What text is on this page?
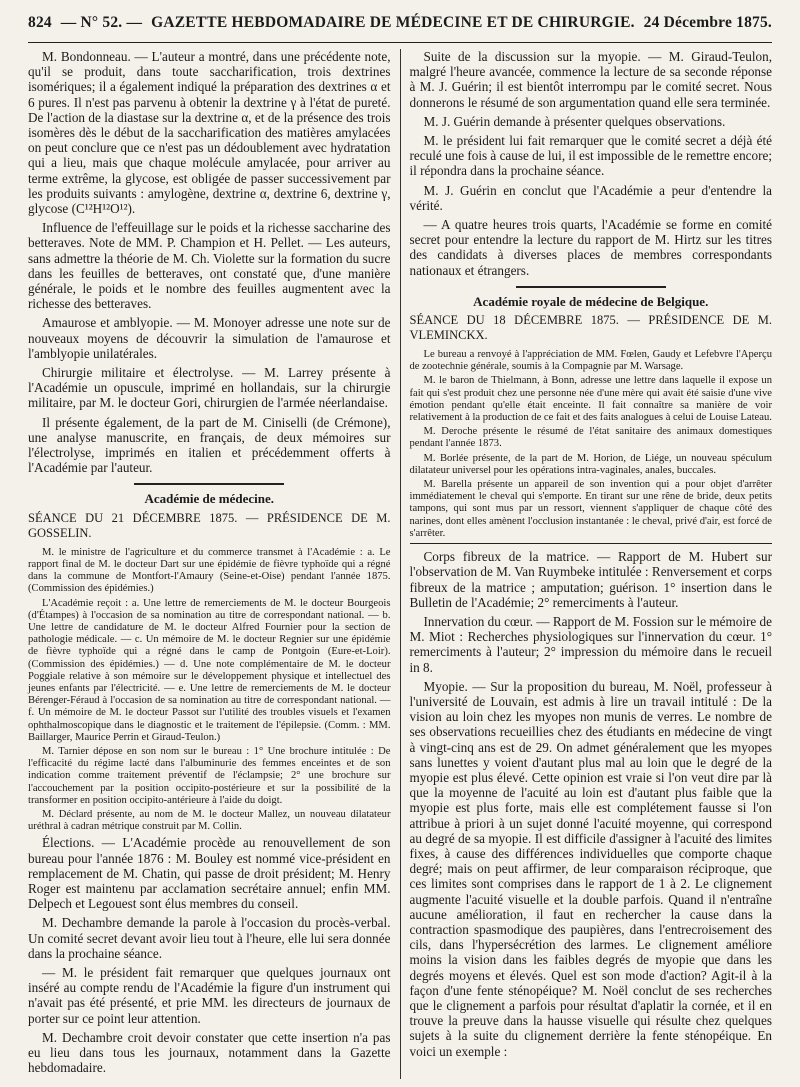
824 — N° 52. — GAZETTE HEBDOMADAIRE DE MÉDECINE ET DE CHIRURGIE. 24 Décembre 1875.

M. Bondonneau. — L'auteur a montré, dans une précédente note, qu'il se produit, dans toute saccharification, trois dextrines isomériques; il a également indiqué la préparation des dextrines α et 6 pures. Il n'est pas parvenu à obtenir la dextrine γ à l'état de pureté. De l'action de la diastase sur la dextrine α, et de la présence des trois isomères dès le début de la saccharification des matières amylacées on peut conclure que ce n'est pas un dédoublement avec hydratation qui a lieu, mais que chaque molécule amylacée, pour arriver au terme extrême, la glycose, est obligée de passer successivement par les produits suivants : amylogène, dextrine α, dextrine 6, dextrine γ, glycose (C¹²H¹²O¹²).

Influence de l'effeuillage sur le poids et la richesse saccharine des betteraves. Note de MM. P. Champion et H. Pellet. — Les auteurs, sans admettre la théorie de M. Ch. Violette sur la formation du sucre dans les feuilles de betteraves, ont constaté que, d'une manière générale, le poids et le nombre des feuilles augmentent avec la richesse des betteraves.

Amaurose et amblyopie. — M. Monoyer adresse une note sur de nouveaux moyens de découvrir la simulation de l'amaurose et l'amblyopie unilatérales.

Chirurgie militaire et électrolyse. — M. Larrey présente à l'Académie un opuscule, imprimé en hollandais, sur la chirurgie militaire, par M. le docteur Gori, chirurgien de l'armée néerlandaise.

Il présente également, de la part de M. Ciniselli (de Crémone), une analyse manuscrite, en français, de deux mémoires sur l'électrolyse, imprimés en italien et précédemment offerts à l'Académie par l'auteur.

Académie de médecine.

SÉANCE DU 21 DÉCEMBRE 1875. — PRÉSIDENCE DE M. GOSSELIN.

M. le ministre de l'agriculture et du commerce transmet à l'Académie : a. Le rapport final de M. le docteur Dart sur une épidémie de fièvre typhoïde qui a régné dans la commune de Montfort-l'Amaury (Seine-et-Oise) pendant l'année 1875. (Commission des épidémies.)

L'Académie reçoit : a. Une lettre de remerciements de M. le docteur Bourgeois (d'Étampes) à l'occasion de sa nomination au titre de correspondant national. — b. Une lettre de candidature de M. le docteur Alfred Fournier pour la section de pathologie médicale. — c. Un mémoire de M. le docteur Regnier sur une épidémie de fièvre typhoïde qui a régné dans le camp de Pontgoin (Eure-et-Loir). (Commission des épidémies.) — d. Une note complémentaire de M. le docteur Poggiale relative à son mémoire sur le développement physique et intellectuel des jeunes enfants par l'électricité. — e. Une lettre de remerciements de M. le docteur Bérenger-Féraud à l'occasion de sa nomination au titre de correspondant national. — f. Un mémoire de M. le docteur Passot sur l'utilité des troubles visuels et l'examen ophthalmoscopique dans le diagnostic et le traitement de l'épilepsie. (Comm. : MM. Baillarger, Maurice Perrin et Giraud-Teulon.)

M. Tarnier dépose en son nom sur le bureau : 1° Une brochure intitulée : De l'efficacité du régime lacté dans l'albuminurie des femmes enceintes et de son indication comme traitement préventif de l'éclampsie; 2° une brochure sur l'accouchement par la position occipito-postérieure et sur la possibilité de la transformer en position occipito-antérieure à l'aide du doigt.

M. Déclard présente, au nom de M. le docteur Mallez, un nouveau dilatateur uréthral à cadran métrique construit par M. Collin.

Élections. — L'Académie procède au renouvellement de son bureau pour l'année 1876 : M. Bouley est nommé vice-président en remplacement de M. Chatin, qui passe de droit président; M. Henry Roger est maintenu par acclamation secrétaire annuel; enfin MM. Delpech et Legouest sont élus membres du conseil.

M. Dechambre demande la parole à l'occasion du procès-verbal. Un comité secret devant avoir lieu tout à l'heure, elle lui sera donnée dans la prochaine séance.

— M. le président fait remarquer que quelques journaux ont inséré au compte rendu de l'Académie la figure d'un instrument qui n'avait pas été présenté, et prie MM. les directeurs de journaux de porter sur ce point leur attention.

M. Dechambre croit devoir constater que cette insertion n'a pas eu lieu dans tous les journaux, notamment dans la Gazette hebdomadaire.

Suite de la discussion sur la myopie. — M. Giraud-Teulon, malgré l'heure avancée, commence la lecture de sa seconde réponse à M. J. Guérin; il est bientôt interrompu par le comité secret. Nous donnerons le résumé de son argumentation quand elle sera terminée.

M. J. Guérin demande à présenter quelques observations.

M. le président lui fait remarquer que le comité secret a déjà été reculé une fois à cause de lui, il est impossible de le remettre encore; il répondra dans la prochaine séance.

M. J. Guérin en conclut que l'Académie a peur d'entendre la vérité.

— A quatre heures trois quarts, l'Académie se forme en comité secret pour entendre la lecture du rapport de M. Hirtz sur les titres des candidats à diverses places de membres correspondants nationaux et étrangers.

Académie royale de médecine de Belgique.

SÉANCE DU 18 DÉCEMBRE 1875. — PRÉSIDENCE DE M. VLEMINCKX.

Le bureau a renvoyé à l'appréciation de MM. Fœlen, Gaudy et Lefebvre l'Aperçu de zootechnie générale, soumis à la Compagnie par M. Warsage.

M. le baron de Thielmann, à Bonn, adresse une lettre dans laquelle il expose un fait qui s'est produit chez une personne née d'une mère qui avait été saisie d'une vive émotion pendant qu'elle était enceinte. Il fait connaître sa manière de voir relativement à la production de ce fait et des faits analogues à celui de Louise Lateau.

M. Deroche présente le résumé de l'état sanitaire des animaux domestiques pendant l'année 1873.

M. Borlée présente, de la part de M. Horion, de Liége, un nouveau spéculum dilatateur universel pour les opérations intra-vaginales, anales, buccales.

M. Barella présente un appareil de son invention qui a pour objet d'arrêter immédiatement le cheval qui s'emporte. En tirant sur une rêne de bride, deux petits tampons, qui sont mus par un ressort, viennent s'appliquer de chaque côté des narines, dont elles amènent l'occlusion instantanée : le cheval, privé d'air, est forcé de s'arrêter.

Corps fibreux de la matrice. — Rapport de M. Hubert sur l'observation de M. Van Ruymbeke intitulée : Renversement et corps fibreux de la matrice ; amputation; guérison. 1° insertion dans le Bulletin de l'Académie; 2° remerciments à l'auteur.

Innervation du cœur. — Rapport de M. Fossion sur le mémoire de M. Miot : Recherches physiologiques sur l'innervation du cœur. 1° remerciments à l'auteur; 2° impression du mémoire dans le recueil in 8.

Myopie. — Sur la proposition du bureau, M. Noël, professeur à l'université de Louvain, est admis à lire un travail intitulé : De la vision au loin chez les myopes non munis de verres. Le nombre de ses observations recueillies chez des étudiants en médecine de vingt à vingt-cinq ans est de 29. On admet généralement que les myopes sans lunettes y voient d'autant plus mal au loin que le degré de la myopie est plus élevé. Cette opinion est vraie si l'on veut dire par là que la moyenne de l'acuité au loin est d'autant plus faible que la myopie est plus forte, mais elle est complétement fausse si l'on attribue à priori à un sujet donné l'acuité moyenne, qui correspond au degré de sa myopie. Il est difficile d'assigner à l'acuité des limites fixes, à cause des différences individuelles que comporte chaque degré; mais on peut affirmer, de leur comparaison réciproque, que ces limites sont comprises dans le rapport de 1 à 2. Le clignement augmente l'acuité visuelle et la double parfois. Quand il n'entraîne aucune amélioration, il faut en rechercher la cause dans la contraction spasmodique des paupières, dans l'entrecroisement des cils, dans l'hypersécrétion des larmes. Le clignement améliore moins la vision dans les faibles degrés de myopie que dans les degrés moyens et élevés. Quel est son mode d'action? Agit-il à la façon d'une fente sténopéique? M. Noël conclut de ses recherches que le clignement a parfois pour résultat d'aplatir la cornée, et il en trouve la preuve dans la hausse visuelle qui résulte chez quelques sujets à la suite du clignement derrière la fente sténopéique. En voici un exemple :
